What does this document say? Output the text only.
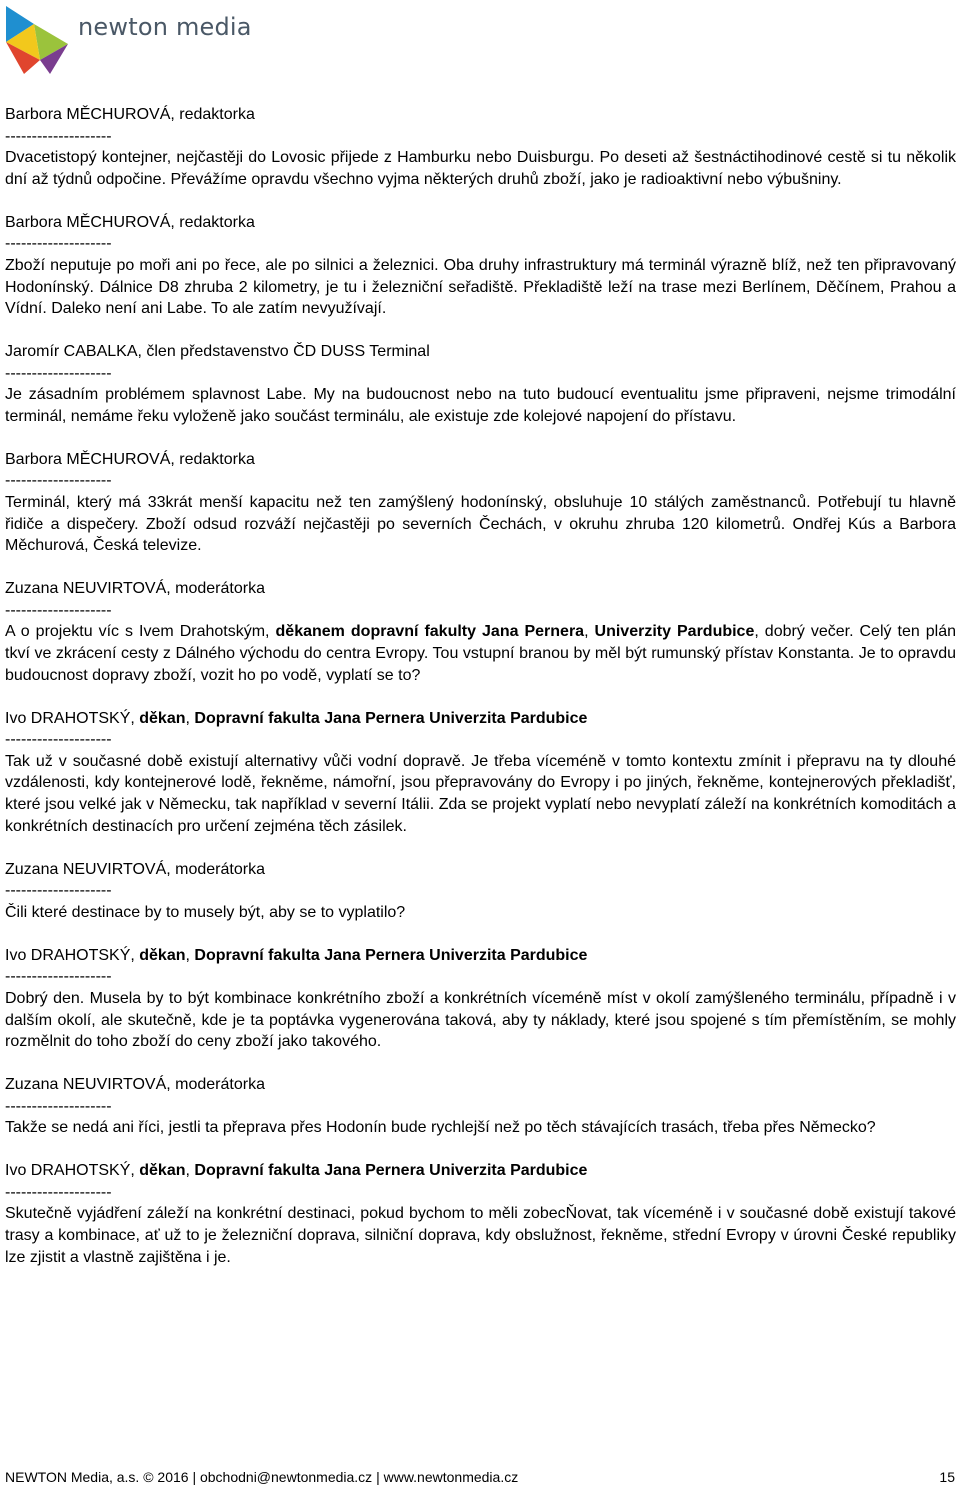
newton media
Barbora MĚCHUROVÁ, redaktorka
--------------------
Dvacetistopý kontejner, nejčastěji do Lovosic přijede z Hamburku nebo Duisburgu. Po deseti až šestnáctihodinové cestě si tu několik dní až týdnů odpočine. Převážíme opravdu všechno vyjma některých druhů zboží, jako je radioaktivní nebo výbušniny.
Barbora MĚCHUROVÁ, redaktorka
--------------------
Zboží neputuje po moři ani po řece, ale po silnici a železnici. Oba druhy infrastruktury má terminál výrazně blíž, než ten připravovaný Hodonínský. Dálnice D8 zhruba 2 kilometry, je tu i železniční seřadiště. Překladiště leží na trase mezi Berlínem, Děčínem, Prahou a Vídní. Daleko není ani Labe. To ale zatím nevyužívají.
Jaromír CABALKA, člen představenstvo ČD DUSS Terminal
--------------------
Je zásadním problémem splavnost Labe. My na budoucnost nebo na tuto budoucí eventualitu jsme připraveni, nejsme trimodální terminál, nemáme řeku vyloženě jako součást terminálu, ale existuje zde kolejové napojení do přístavu.
Barbora MĚCHUROVÁ, redaktorka
--------------------
Terminál, který má 33krát menší kapacitu než ten zamýšlený hodonínský, obsluhuje 10 stálých zaměstnanců. Potřebují tu hlavně řidiče a dispečery. Zboží odsud rozváží nejčastěji po severních Čechách, v okruhu zhruba 120 kilometrů. Ondřej Kús a Barbora Měchurová, Česká televize.
Zuzana NEUVIRTOVÁ, moderátorka
--------------------
A o projektu víc s Ivem Drahotským, děkanem dopravní fakulty Jana Pernera, Univerzity Pardubice, dobrý večer. Celý ten plán tkví ve zkrácení cesty z Dálného východu do centra Evropy. Tou vstupní branou by měl být rumunský přístav Konstanta. Je to opravdu budoucnost dopravy zboží, vozit ho po vodě, vyplatí se to?
Ivo DRAHOTSKÝ, děkan, Dopravní fakulta Jana Pernera Univerzita Pardubice
--------------------
Tak už v současné době existují alternativy vůči vodní dopravě. Je třeba víceméně v tomto kontextu zmínit i přepravu na ty dlouhé vzdálenosti, kdy kontejnerové lodě, řekněme, námořní, jsou přepravovány do Evropy i po jiných, řekněme, kontejnerových překladišť, které jsou velké jak v Německu, tak například v severní Itálii. Zda se projekt vyplatí nebo nevyplatí záleží na konkrétních komoditách a konkrétních destinacích pro určení zejména těch zásilek.
Zuzana NEUVIRTOVÁ, moderátorka
--------------------
Čili které destinace by to musely být, aby se to vyplatilo?
Ivo DRAHOTSKÝ, děkan, Dopravní fakulta Jana Pernera Univerzita Pardubice
--------------------
Dobrý den. Musela by to být kombinace konkrétního zboží a konkrétních víceméně míst v okolí zamýšleného terminálu, případně i v dalším okolí, ale skutečně, kde je ta poptávka vygenerována taková, aby ty náklady, které jsou spojené s tím přemístěním, se mohly rozmělnit do toho zboží do ceny zboží jako takového.
Zuzana NEUVIRTOVÁ, moderátorka
--------------------
Takže se nedá ani říci, jestli ta přeprava přes Hodonín bude rychlejší než po těch stávajících trasách, třeba přes Německo?
Ivo DRAHOTSKÝ, děkan, Dopravní fakulta Jana Pernera Univerzita Pardubice
--------------------
Skutečně vyjádření záleží na konkrétní destinaci, pokud bychom to měli zobecŇovat, tak víceméně i v současné době existují takové trasy a kombinace, ať už to je železniční doprava, silniční doprava, kdy obslužnost, řekněme, střední Evropy v úrovni České republiky lze zjistit a vlastně zajištěna i je.
NEWTON Media, a.s. © 2016 | obchodni@newtonmedia.cz | www.newtonmedia.cz	15
